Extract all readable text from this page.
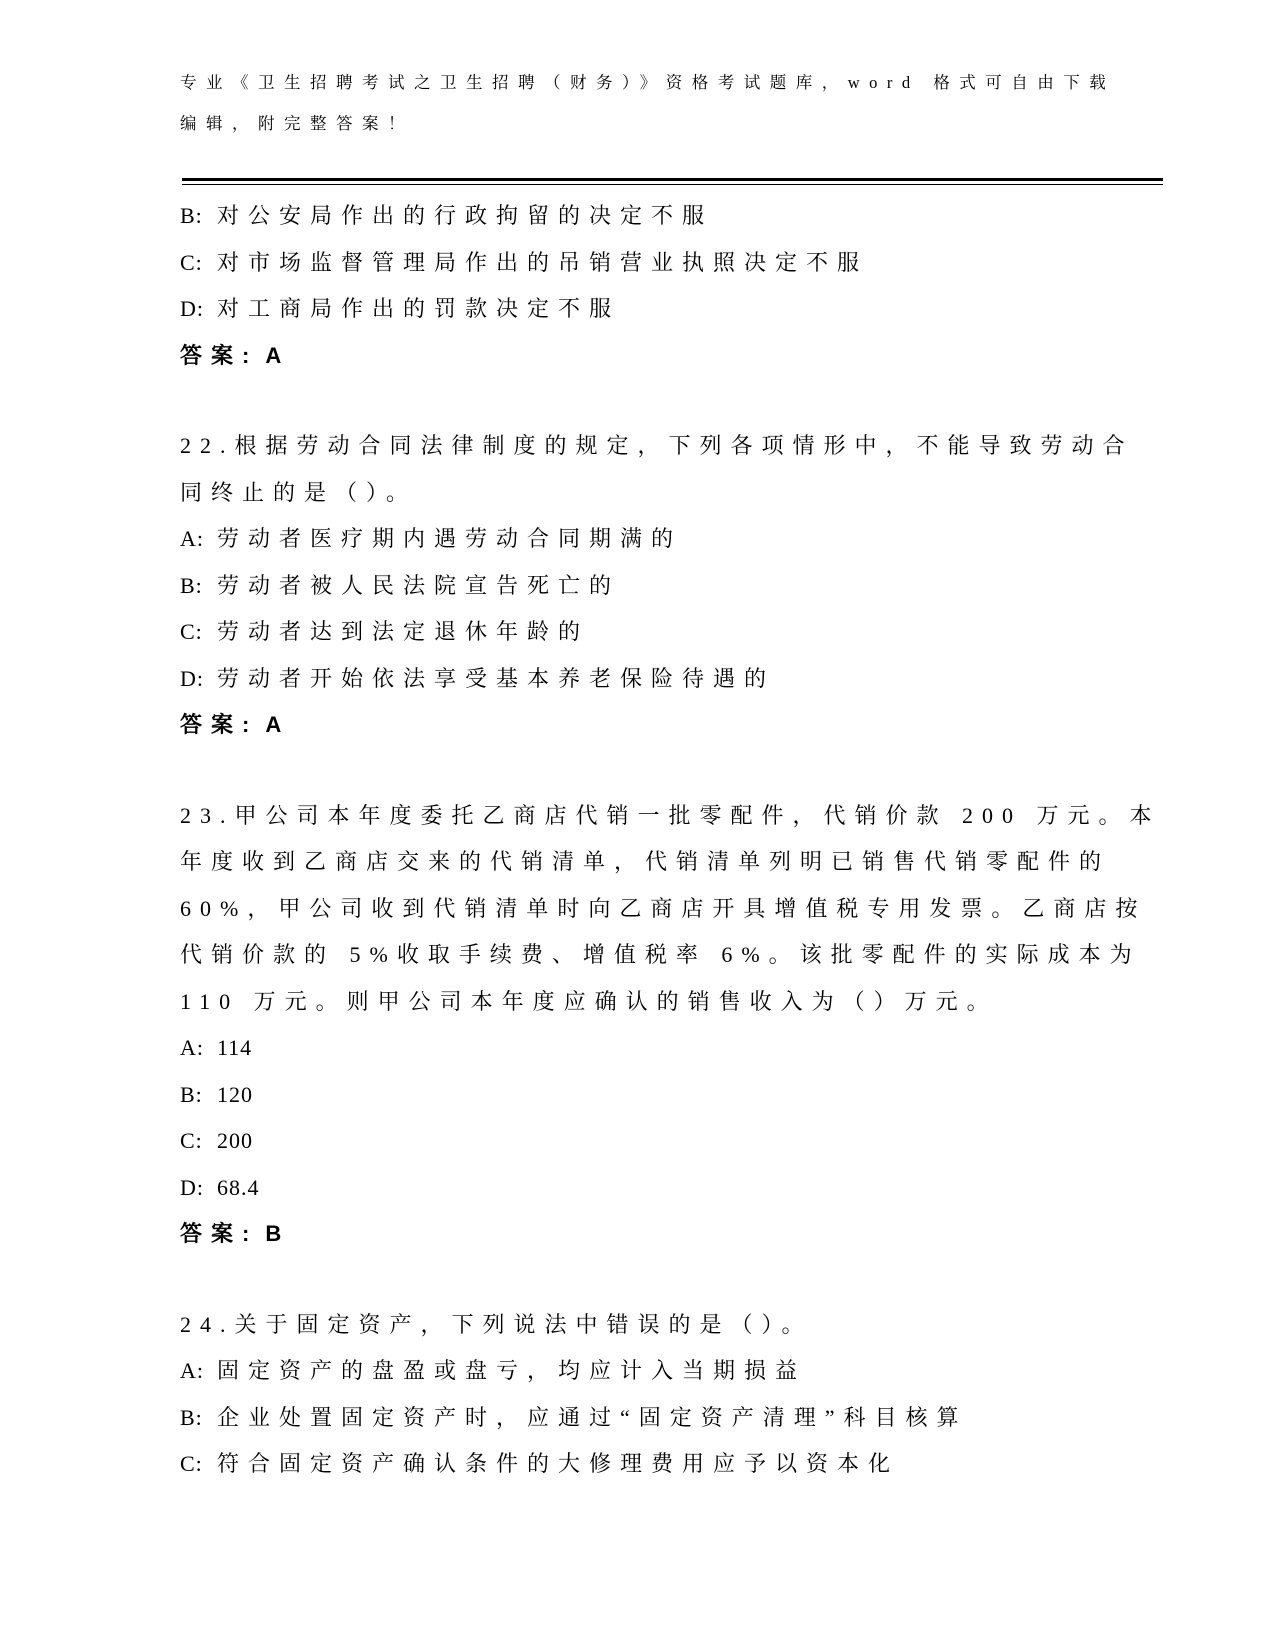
专业《卫生招聘考试之卫生招聘（财务）》资格考试题库，word 格式可自由下载
编辑，附完整答案！
B: 对公安局作出的行政拘留的决定不服
C: 对市场监督管理局作出的吊销营业执照决定不服
D: 对工商局作出的罚款决定不服
答案: A
22.根据劳动合同法律制度的规定，下列各项情形中，不能导致劳动合
同终止的是（）。
A: 劳动者医疗期内遇劳动合同期满的
B: 劳动者被人民法院宣告死亡的
C: 劳动者达到法定退休年龄的
D: 劳动者开始依法享受基本养老保险待遇的
答案: A
23.甲公司本年度委托乙商店代销一批零配件，代销价款 200 万元。本
年度收到乙商店交来的代销清单，代销清单列明已销售代销零配件的
60%，甲公司收到代销清单时向乙商店开具增值税专用发票。乙商店按
代销价款的 5%收取手续费、增值税率 6%。该批零配件的实际成本为
110 万元。则甲公司本年度应确认的销售收入为（）万元。
A: 114
B: 120
C: 200
D: 68.4
答案: B
24.关于固定资产，下列说法中错误的是（）。
A: 固定资产的盘盈或盘亏，均应计入当期损益
B: 企业处置固定资产时，应通过“固定资产清理”科目核算
C: 符合固定资产确认条件的大修理费用应予以资本化
